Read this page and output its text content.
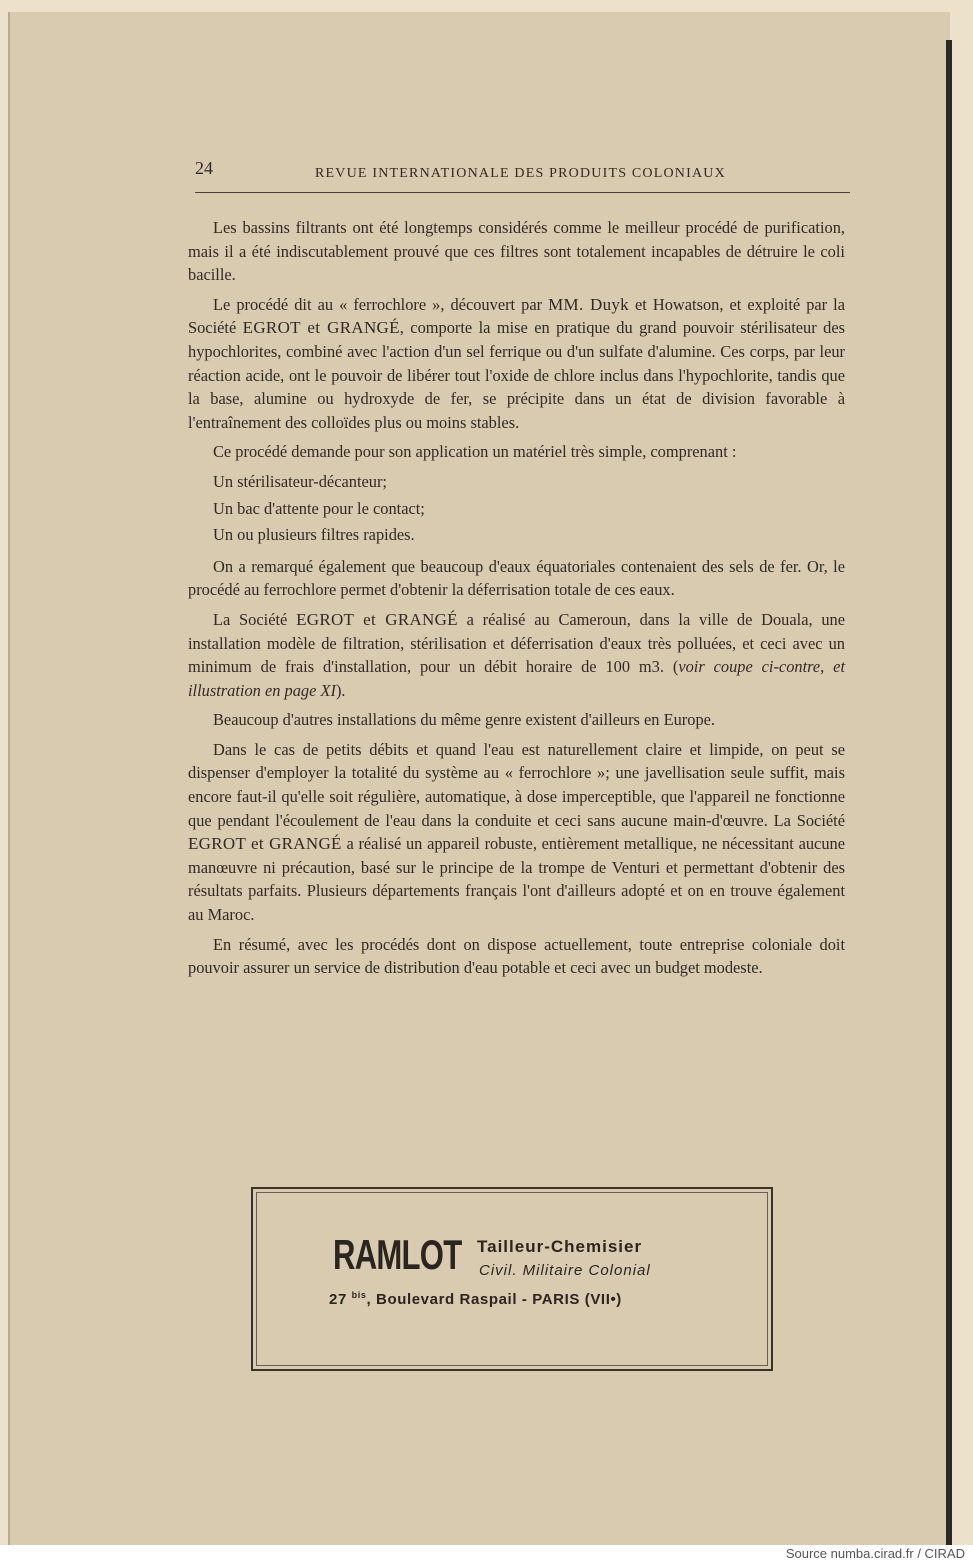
24	REVUE INTERNATIONALE DES PRODUITS COLONIAUX

Les bassins filtrants ont été longtemps considérés comme le meilleur procédé de purification, mais il a été indiscutablement prouvé que ces filtres sont totalement incapables de détruire le coli bacille.

Le procédé dit au « ferrochlore », découvert par MM. Duyk et Howatson, et exploité par la Société EGROT et GRANGÉ, comporte la mise en pratique du grand pouvoir stérilisateur des hypochlorites, combiné avec l'action d'un sel ferrique ou d'un sulfate d'alumine. Ces corps, par leur réaction acide, ont le pouvoir de libérer tout l'oxide de chlore inclus dans l'hypochlorite, tandis que la base, alumine ou hydroxyde de fer, se précipite dans un état de division favorable à l'entraînement des colloïdes plus ou moins stables.

Ce procédé demande pour son application un matériel très simple, comprenant :

Un stérilisateur-décanteur;

Un bac d'attente pour le contact;

Un ou plusieurs filtres rapides.

On a remarqué également que beaucoup d'eaux équatoriales contenaient des sels de fer. Or, le procédé au ferrochlore permet d'obtenir la déferrisation totale de ces eaux.

La Société EGROT et GRANGÉ a réalisé au Cameroun, dans la ville de Douala, une installation modèle de filtration, stérilisation et déferrisation d'eaux très polluées, et ceci avec un minimum de frais d'installation, pour un débit horaire de 100 m3. (voir coupe ci-contre, et illustration en page XI).

Beaucoup d'autres installations du même genre existent d'ailleurs en Europe.

Dans le cas de petits débits et quand l'eau est naturellement claire et limpide, on peut se dispenser d'employer la totalité du système au « ferrochlore »; une javellisation seule suffit, mais encore faut-il qu'elle soit régulière, automatique, à dose imperceptible, que l'appareil ne fonctionne que pendant l'écoulement de l'eau dans la conduite et ceci sans aucune main-d'œuvre. La Société EGROT et GRANGÉ a réalisé un appareil robuste, entièrement metallique, ne nécessitant aucune manœuvre ni précaution, basé sur le principe de la trompe de Venturi et permettant d'obtenir des résultats parfaits. Plusieurs départements français l'ont d'ailleurs adopté et on en trouve également au Maroc.

En résumé, avec les procédés dont on dispose actuellement, toute entreprise coloniale doit pouvoir assurer un service de distribution d'eau potable et ceci avec un budget modeste.

RAMLOT Tailleur-Chemisier
Civil. Militaire Colonial
27 $^{bis}$, Boulevard Raspail - PARIS (VII•)
Source numba.cirad.fr / CIRAD
